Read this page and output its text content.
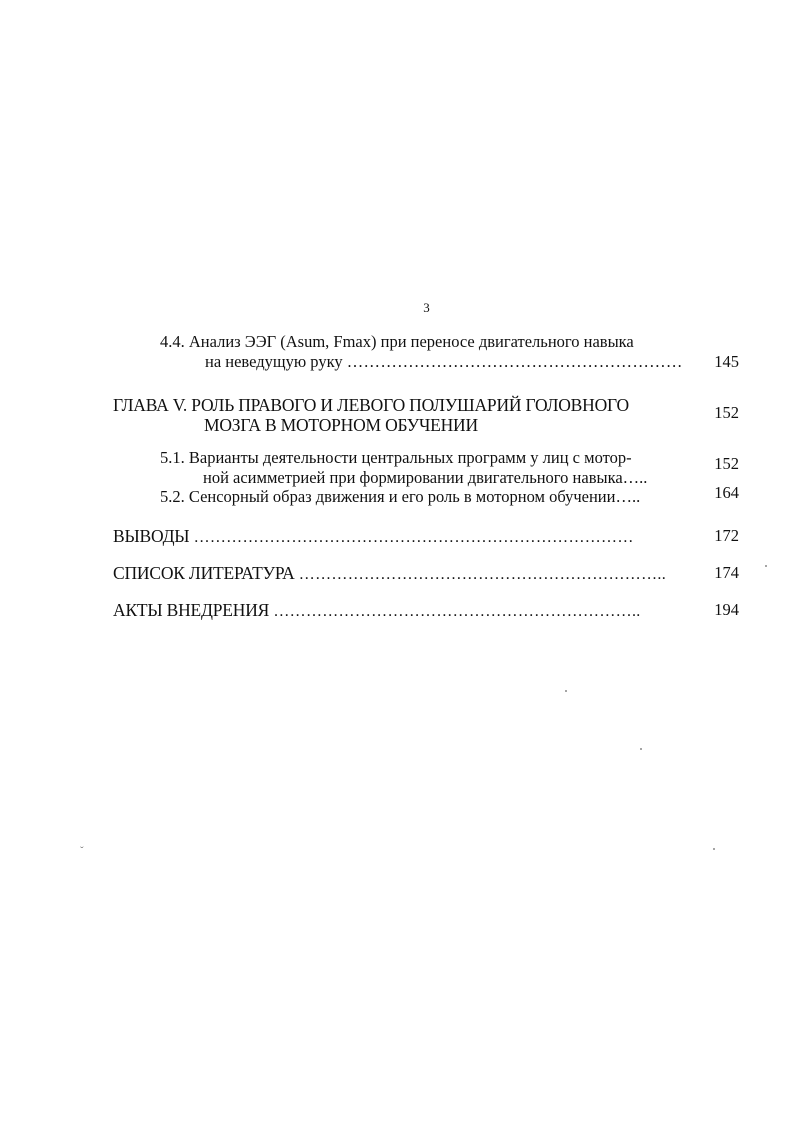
3
4.4. Анализ ЭЭГ (Asum, Fmax) при переносе двигательного навыка
на неведущую руку ……………………………………………………	145
ГЛАВА V. РОЛЬ ПРАВОГО И ЛЕВОГО ПОЛУШАРИЙ ГОЛОВНОГО
МОЗГА В МОТОРНОМ ОБУЧЕНИИ
152
5.1. Варианты деятельности центральных программ у лиц с мотор-
ной асимметрией при формировании двигательного навыка…..
152
5.2. Сенсорный образ движения и его роль в моторном обучении…..	164
ВЫВОДЫ ………………………………………………………………………	172
СПИСОК ЛИТЕРАТУРА …………………………………………………………..	174
АКТЫ ВНЕДРЕНИЯ …………………………………………………………..	194
ˇ
